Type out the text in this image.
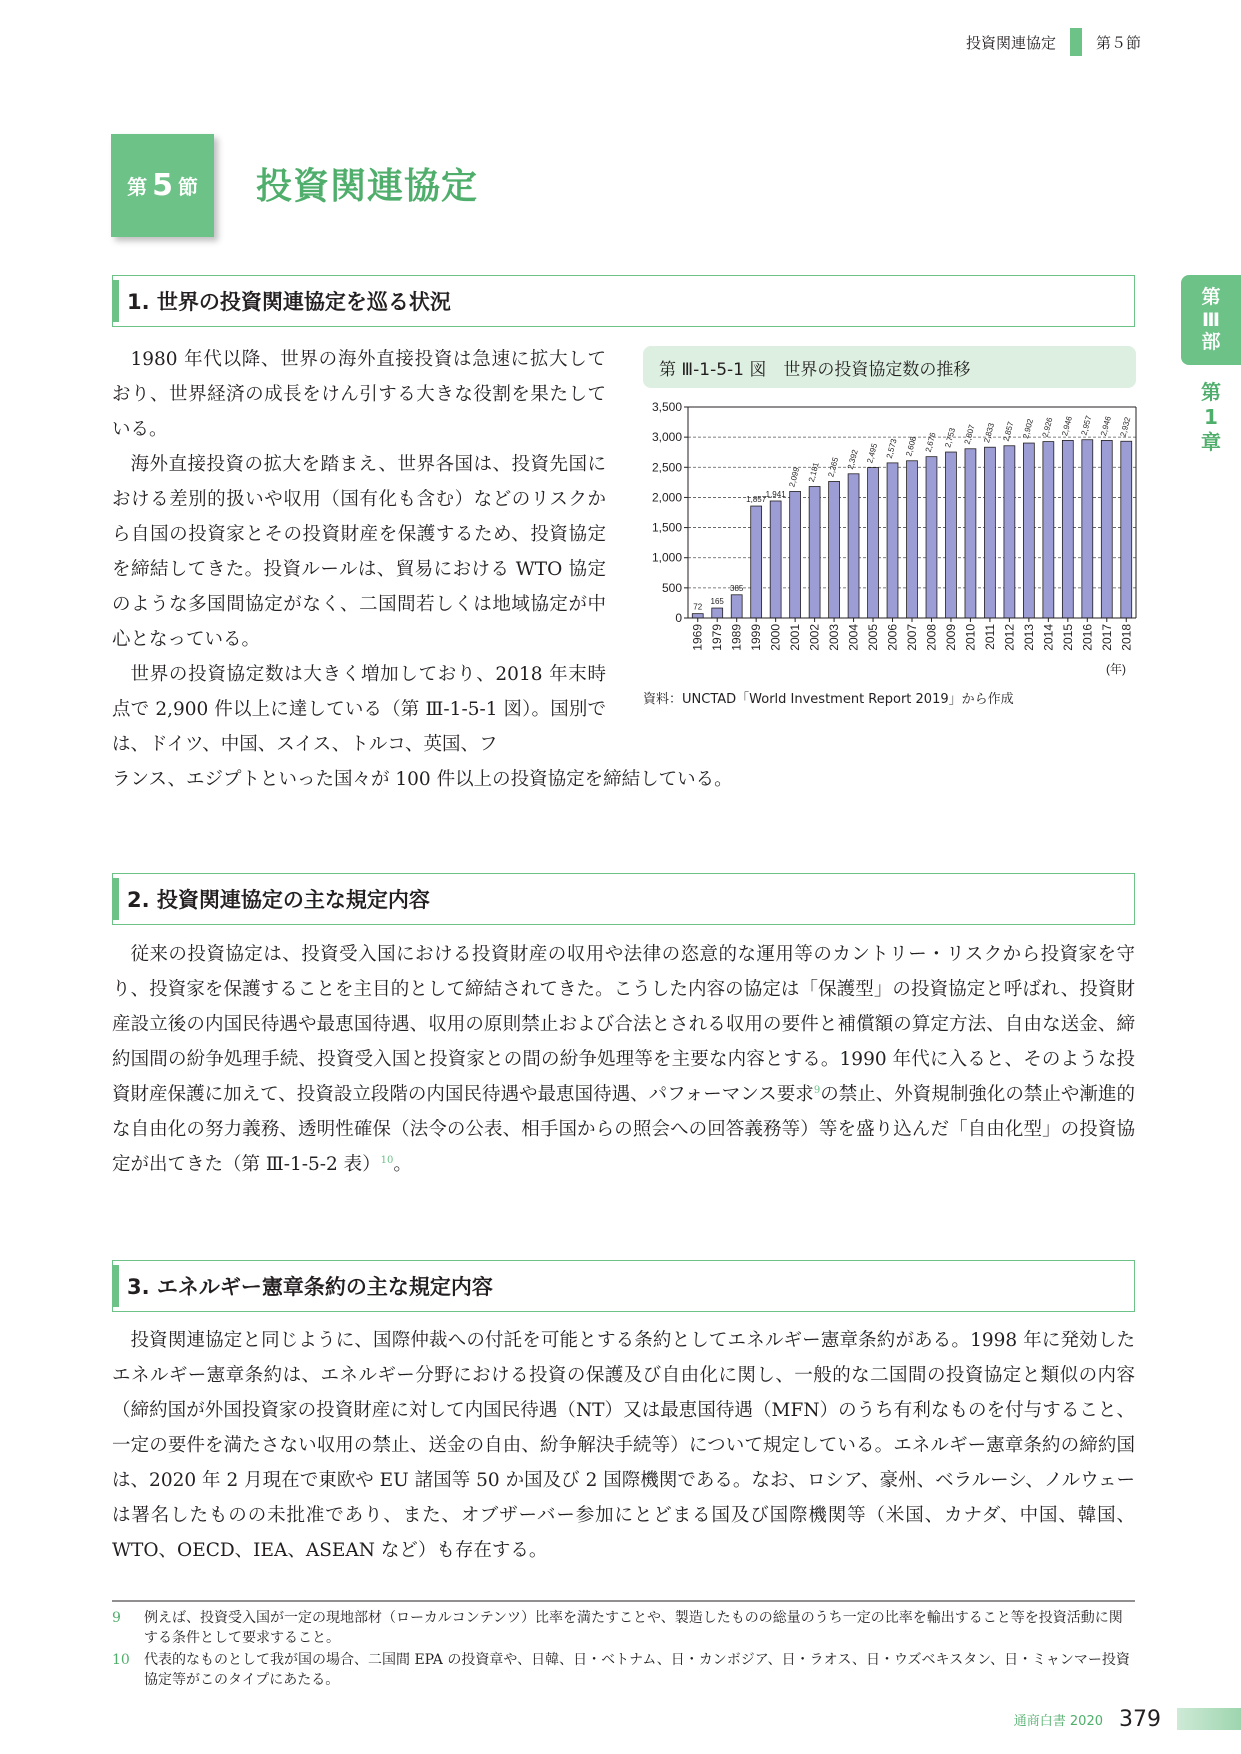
投資関連協定	第５節
第 5 節 投資関連協定
第
Ⅲ
部
第
1
章
1. 世界の投資関連協定を巡る状況

1980 年代以降、世界の海外直接投資は急速に拡大しており、世界経済の成長をけん引する大きな役割を果たしている。

海外直接投資の拡大を踏まえ、世界各国は、投資先国における差別的扱いや収用（国有化も含む）などのリスクから自国の投資家とその投資財産を保護するため、投資協定を締結してきた。投資ルールは、貿易における WTO 協定のような多国間協定がなく、二国間若しくは地域協定が中心となっている。

世界の投資協定数は大きく増加しており、2018 年末時点で 2,900 件以上に達している（第 Ⅲ-1-5-1 図）。国別では、ドイツ、中国、スイス、トルコ、英国、フ

ランス、エジプトといった国々が 100 件以上の投資協定を締結している。

第 Ⅲ-1-5-1 図　世界の投資協定数の推移
72
165
385
1,857
1,941
2,099 2,181 2,265 2,392 2,495 2,573 2,608 2,676 2,753 2,807 2,833 2,857 2,902 2,926 2,946 2,957 2,946 2,932
0
500
1,000
1,500
2,000
2,500
3,000
3,500
1969 1979 1989 1999 2000 2001 2002 2003 2004 2005 2006 2007 2008 2009 2010 2011 2012 2013 2014 2015 2016 2017 2018
(年)
資料：UNCTAD「World Investment Report 2019」から作成
2. 投資関連協定の主な規定内容

従来の投資協定は、投資受入国における投資財産の収用や法律の恣意的な運用等のカントリー・リスクから投資家を守り、投資家を保護することを主目的として締結されてきた。こうした内容の協定は「保護型」の投資協定と呼ばれ、投資財産設立後の内国民待遇や最恵国待遇、収用の原則禁止および合法とされる収用の要件と補償額の算定方法、自由な送金、締約国間の紛争処理手続、投資受入国と投資家との間の紛争処理等を主要な内容とする。1990 年代に入ると、そのような投資財産保護に加えて、投資設立段階の内国民待遇や最恵国待遇、パフォーマンス要求$^9$の禁止、外資規制強化の禁止や漸進的な自由化の努力義務、透明性確保（法令の公表、相手国からの照会への回答義務等）等を盛り込んだ「自由化型」の投資協定が出てきた（第 Ⅲ-1-5-2 表）$^{10}$。

3. エネルギー憲章条約の主な規定内容

投資関連協定と同じように、国際仲裁への付託を可能とする条約としてエネルギー憲章条約がある。1998 年に発効したエネルギー憲章条約は、エネルギー分野における投資の保護及び自由化に関し、一般的な二国間の投資協定と類似の内容（締約国が外国投資家の投資財産に対して内国民待遇（NT）又は最恵国待遇（MFN）のうち有利なものを付与すること、一定の要件を満たさない収用の禁止、送金の自由、紛争解決手続等）について規定している。エネルギー憲章条約の締約国は、2020 年 2 月現在で東欧や EU 諸国等 50 か国及び 2 国際機関である。なお、ロシア、豪州、ベラルーシ、ノルウェーは署名したものの未批准であり、また、オブザーバー参加にとどまる国及び国際機関等（米国、カナダ、中国、韓国、WTO、OECD、IEA、ASEAN など）も存在する。

9	例えば、投資受入国が一定の現地部材（ローカルコンテンツ）比率を満たすことや、製造したものの総量のうち一定の比率を輸出すること等を投資活動に関する条件として要求すること。
10	代表的なものとして我が国の場合、二国間 EPA の投資章や、日韓、日・ベトナム、日・カンボジア、日・ラオス、日・ウズベキスタン、日・ミャンマー投資協定等がこのタイプにあたる。
通商白書 2020 379
